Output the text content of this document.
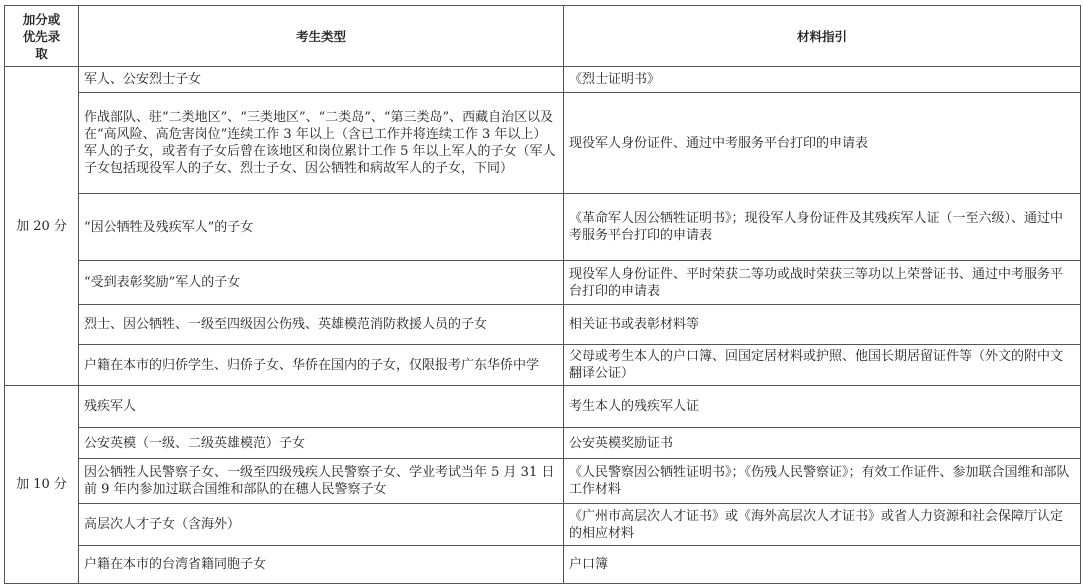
加分或优先录取	考生类型	材料指引
加 20 分	军人、公安烈士子女	《烈士证明书》
	作战部队、驻“二类地区”、“三类地区”、“二类岛”、“第三类岛”、西藏自治区以及在“高风险、高危害岗位”连续工作 3 年以上（含已工作并将连续工作 3 年以上）军人的子女，或者有子女后曾在该地区和岗位累计工作 5 年以上军人的子女（军人子女包括现役军人的子女、烈士子女、因公牺牲和病故军人的子女，下同）	现役军人身份证件、通过中考服务平台打印的申请表
	“因公牺牲及残疾军人”的子女	《革命军人因公牺牲证明书》；现役军人身份证件及其残疾军人证（一至六级）、通过中考服务平台打印的申请表
	“受到表彰奖励”军人的子女	现役军人身份证件、平时荣获二等功或战时荣获三等功以上荣誉证书、通过中考服务平台打印的申请表
	烈士、因公牺牲、一级至四级因公伤残、英雄模范消防救援人员的子女	相关证书或表彰材料等
	户籍在本市的归侨学生、归侨子女、华侨在国内的子女，仅限报考广东华侨中学	父母或考生本人的户口簿、回国定居材料或护照、他国长期居留证件等（外文的附中文翻译公证）
加 10 分	残疾军人	考生本人的残疾军人证
	公安英模（一级、二级英雄模范）子女	公安英模奖励证书
	因公牺牲人民警察子女、一级至四级残疾人民警察子女、学业考试当年 5 月 31 日前 9 年内参加过联合国维和部队的在穗人民警察子女	《人民警察因公牺牲证明书》；《伤残人民警察证》；有效工作证件、参加联合国维和部队工作材料
	高层次人才子女（含海外）	《广州市高层次人才证书》或《海外高层次人才证书》或省人力资源和社会保障厅认定的相应材料
	户籍在本市的台湾省籍同胞子女	户口簿
